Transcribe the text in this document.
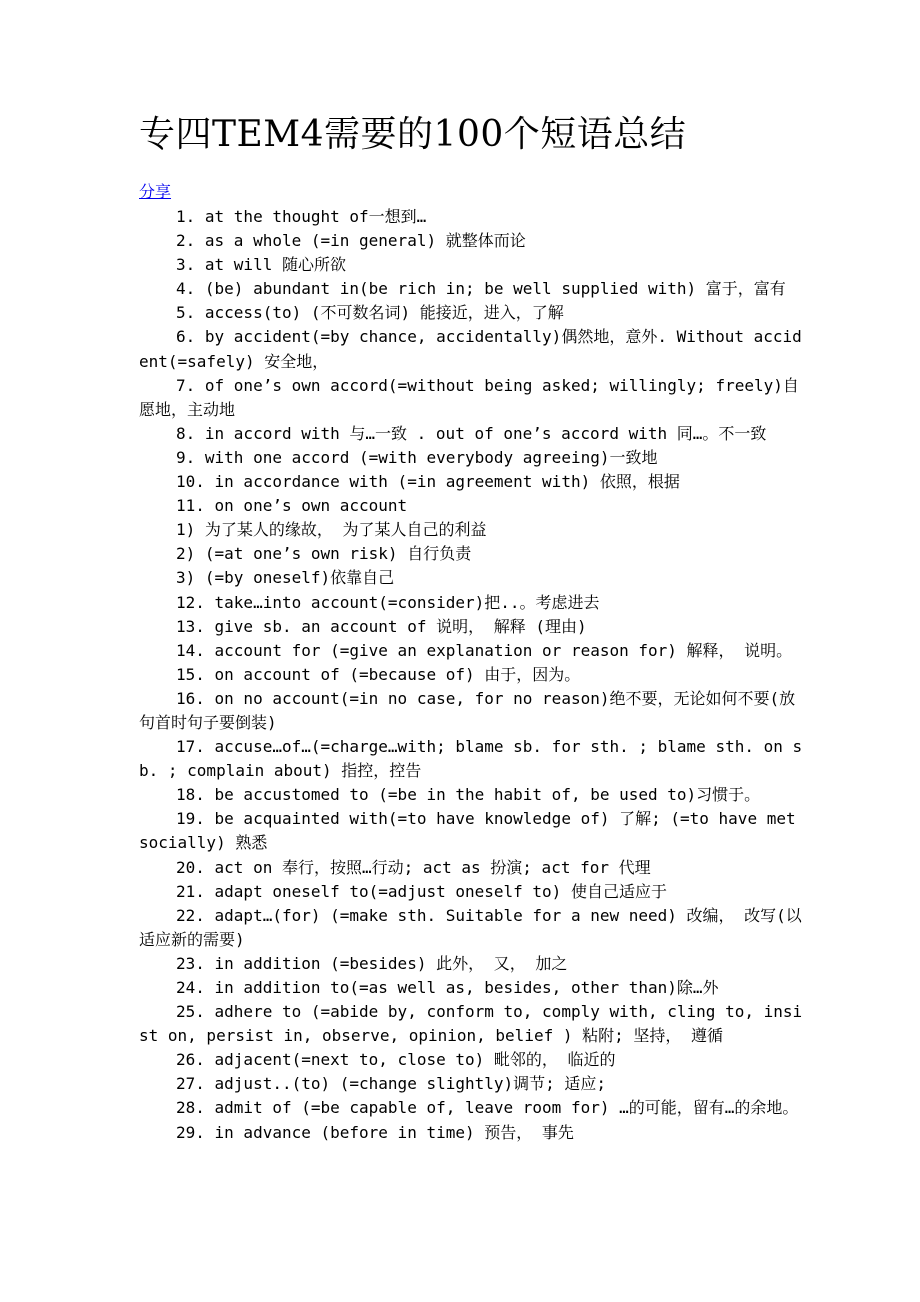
专四TEM4需要的100个短语总结
分享

1. at the thought of一想到…

2. as a whole (=in general) 就整体而论

3. at will 随心所欲

4. (be) abundant in(be rich in; be well supplied with) 富于，富有

5. access(to) (不可数名词) 能接近，进入，了解

6. by accident(=by chance, accidentally)偶然地，意外. Without accident(=safely) 安全地，

7. of one’s own accord(=without being asked; willingly; freely)自愿地，主动地

8. in accord with 与…一致 . out of one’s accord with 同…。不一致

9. with one accord (=with everybody agreeing)一致地

10. in accordance with (=in agreement with) 依照，根据

11. on one’s own account

1) 为了某人的缘故， 为了某人自己的利益

2) (=at one’s own risk) 自行负责

3) (=by oneself)依靠自己

12. take…into account(=consider)把..。考虑进去

13. give sb. an account of 说明， 解释 (理由)

14. account for (=give an explanation or reason for) 解释， 说明。

15. on account of (=because of) 由于，因为。

16. on no account(=in no case, for no reason)绝不要，无论如何不要(放句首时句子要倒装)

17. accuse…of…(=charge…with; blame sb. for sth. ; blame sth. on sb. ; complain about) 指控，控告

18. be accustomed to (=be in the habit of, be used to)习惯于。

19. be acquainted with(=to have knowledge of) 了解; (=to have met socially) 熟悉

20. act on 奉行，按照…行动; act as 扮演; act for 代理

21. adapt oneself to(=adjust oneself to) 使自己适应于

22. adapt…(for) (=make sth. Suitable for a new need) 改编， 改写(以适应新的需要)

23. in addition (=besides) 此外， 又， 加之

24. in addition to(=as well as, besides, other than)除…外

25. adhere to (=abide by, conform to, comply with, cling to, insist on, persist in, observe, opinion, belief ) 粘附; 坚持， 遵循

26. adjacent(=next to, close to) 毗邻的， 临近的

27. adjust..(to) (=change slightly)调节; 适应;

28. admit of (=be capable of, leave room for) …的可能，留有…的余地。

29. in advance (before in time) 预告， 事先
